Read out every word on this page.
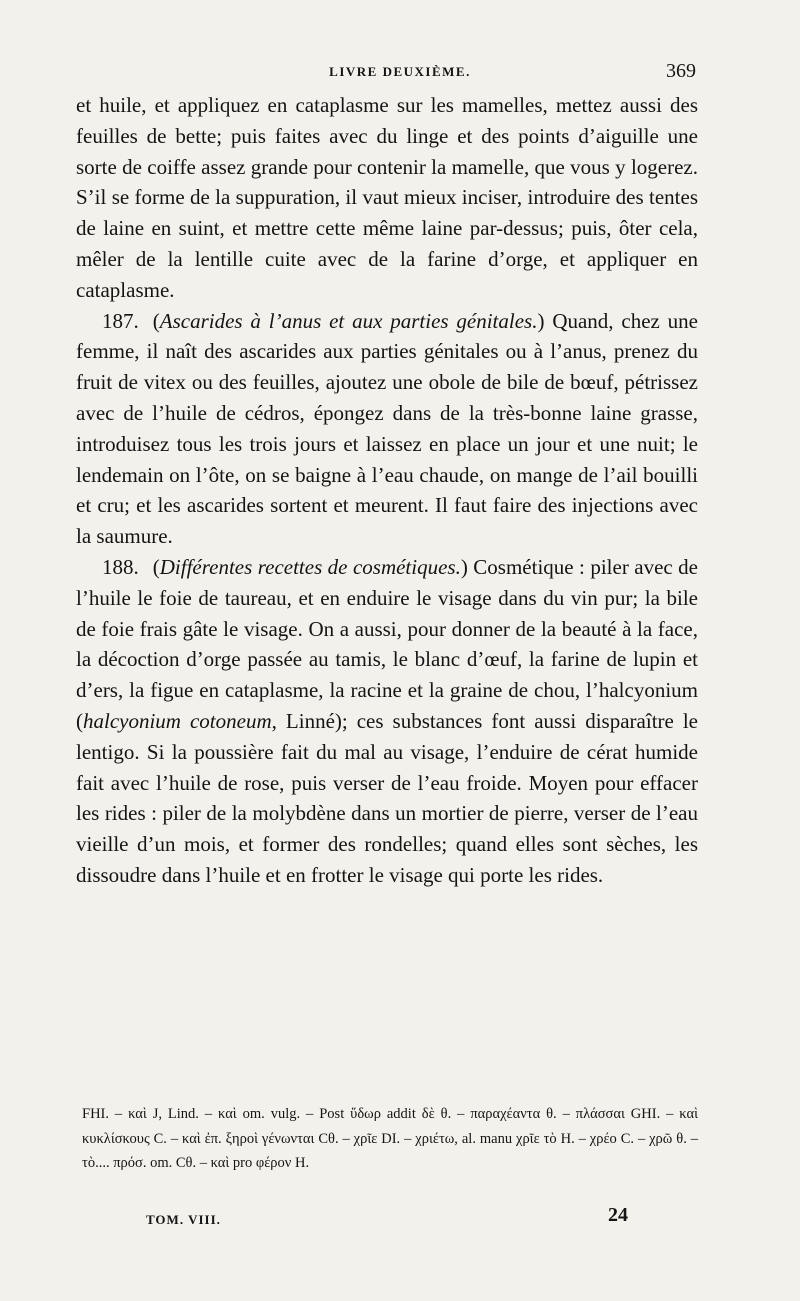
LIVRE DEUXIÈME.	369

et huile, et appliquez en cataplasme sur les mamelles, mettez aussi des feuilles de bette; puis faites avec du linge et des points d’aiguille une sorte de coiffe assez grande pour contenir la mamelle, que vous y logerez. S’il se forme de la suppuration, il vaut mieux inciser, introduire des tentes de laine en suint, et mettre cette même laine par-dessus; puis, ôter cela, mêler de la lentille cuite avec de la farine d’orge, et appliquer en cataplasme.

187. (Ascarides à l’anus et aux parties génitales.) Quand, chez une femme, il naît des ascarides aux parties génitales ou à l’anus, prenez du fruit de vitex ou des feuilles, ajoutez une obole de bile de bœuf, pétrissez avec de l’huile de cédros, épongez dans de la très-bonne laine grasse, introduisez tous les trois jours et laissez en place un jour et une nuit; le lendemain on l’ôte, on se baigne à l’eau chaude, on mange de l’ail bouilli et cru; et les ascarides sortent et meurent. Il faut faire des injections avec la saumure.

188. (Différentes recettes de cosmétiques.) Cosmétique : piler avec de l’huile le foie de taureau, et en enduire le visage dans du vin pur; la bile de foie frais gâte le visage. On a aussi, pour donner de la beauté à la face, la décoction d’orge passée au tamis, le blanc d’œuf, la farine de lupin et d’ers, la figue en cataplasme, la racine et la graine de chou, l’halcyonium (halcyonium cotoneum, Linné); ces substances font aussi disparaître le lentigo. Si la poussière fait du mal au visage, l’enduire de cérat humide fait avec l’huile de rose, puis verser de l’eau froide. Moyen pour effacer les rides : piler de la molybdène dans un mortier de pierre, verser de l’eau vieille d’un mois, et former des rondelles; quand elles sont sèches, les dissoudre dans l’huile et en frotter le visage qui porte les rides.

FHI. – καὶ J, Lind. – καὶ om. vulg. – Post ὕδωρ addit δὲ θ. – παραχέαντα θ. – πλάσσαι GHI. – καὶ κυκλίσκους C. – καὶ ἐπ. ξηροὶ γένωνται Cθ. – χρῖε DI. – χριέτω, al. manu χρῖε τὸ H. – χρέο C. – χρῶ θ. – τὸ.... πρόσ. om. Cθ. – καὶ pro φέρον H.

TOM. VIII.	24
